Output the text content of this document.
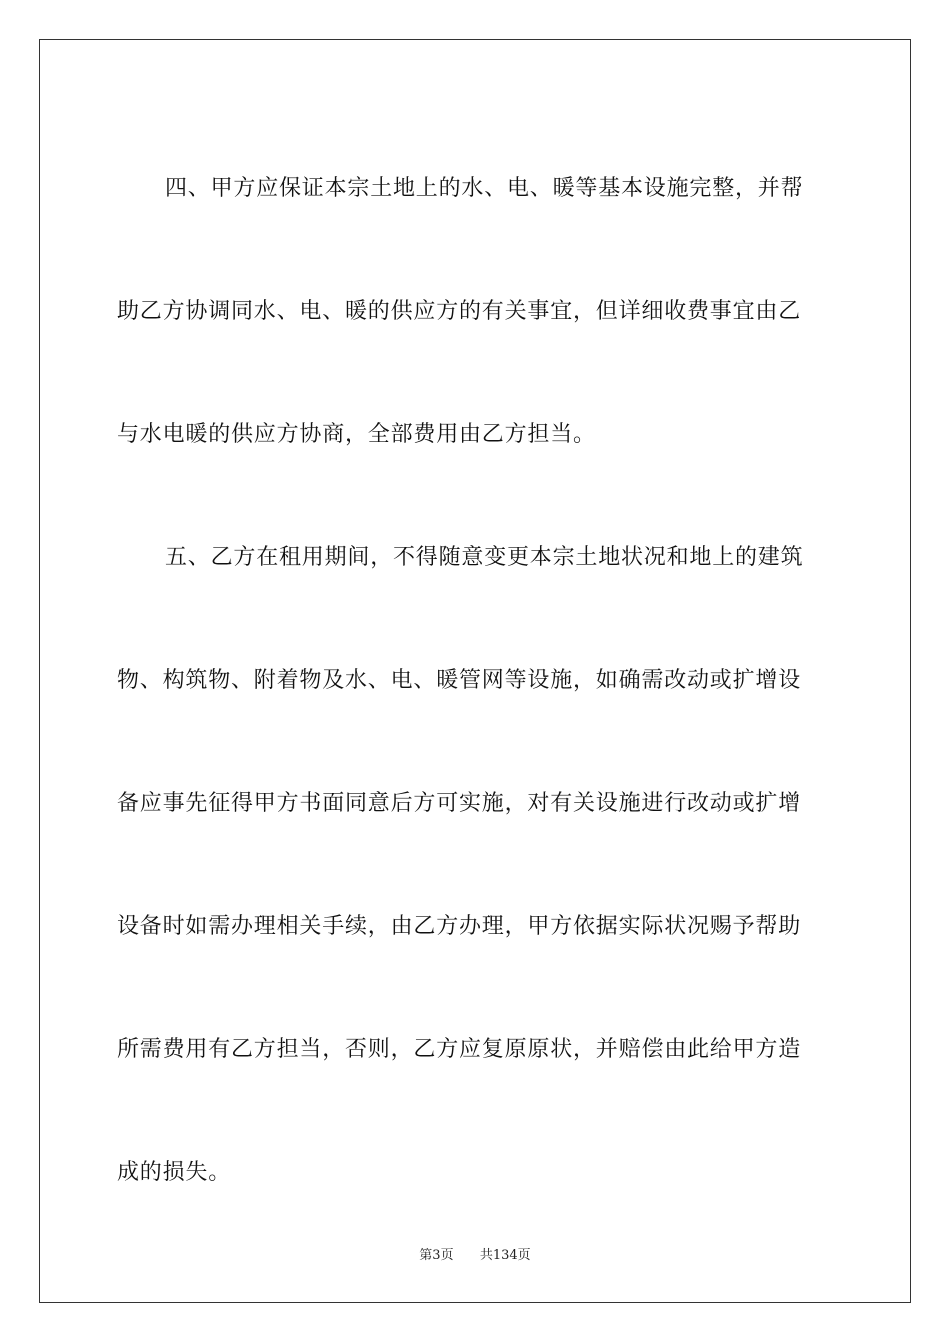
四、甲方应保证本宗土地上的水、电、暖等基本设施完整，并帮
助乙方协调同水、电、暖的供应方的有关事宜，但详细收费事宜由乙
与水电暖的供应方协商，全部费用由乙方担当。

五、乙方在租用期间，不得随意变更本宗土地状况和地上的建筑
物、构筑物、附着物及水、电、暖管网等设施，如确需改动或扩增设
备应事先征得甲方书面同意后方可实施，对有关设施进行改动或扩增
设备时如需办理相关手续，由乙方办理，甲方依据实际状况赐予帮助
所需费用有乙方担当，否则，乙方应复原原状，并赔偿由此给甲方造
成的损失。

第3页 共134页
